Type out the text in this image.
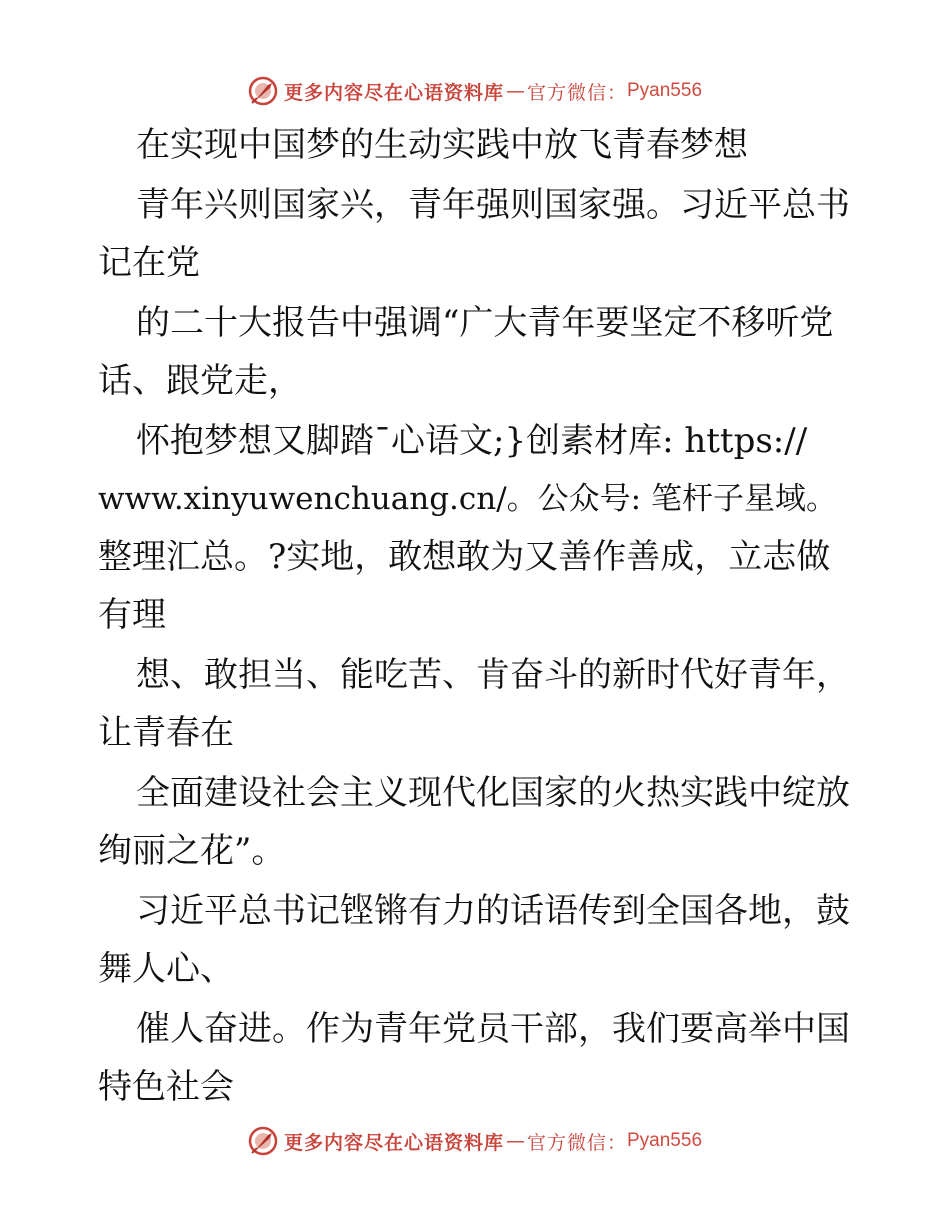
更多内容尽在心语资料库 — 官方微信： Pyan556
在实现中国梦的生动实践中放飞青春梦想
青年兴则国家兴，青年强则国家强。习近平总书
记在党
的二十大报告中强调“广大青年要坚定不移听党
话、跟党走，
怀抱梦想又脚踏¯心语文;}创素材库: https://
www.xinyuwenchuang.cn/。公众号: 笔杆子星域。
整理汇总。?实地，敢想敢为又善作善成，立志做
有理
想、敢担当、能吃苦、肯奋斗的新时代好青年，
让青春在
全面建设社会主义现代化国家的火热实践中绽放
绚丽之花”。
习近平总书记铿锵有力的话语传到全国各地，鼓
舞人心、
催人奋进。作为青年党员干部，我们要高举中国
特色社会
更多内容尽在心语资料库 — 官方微信： Pyan556
